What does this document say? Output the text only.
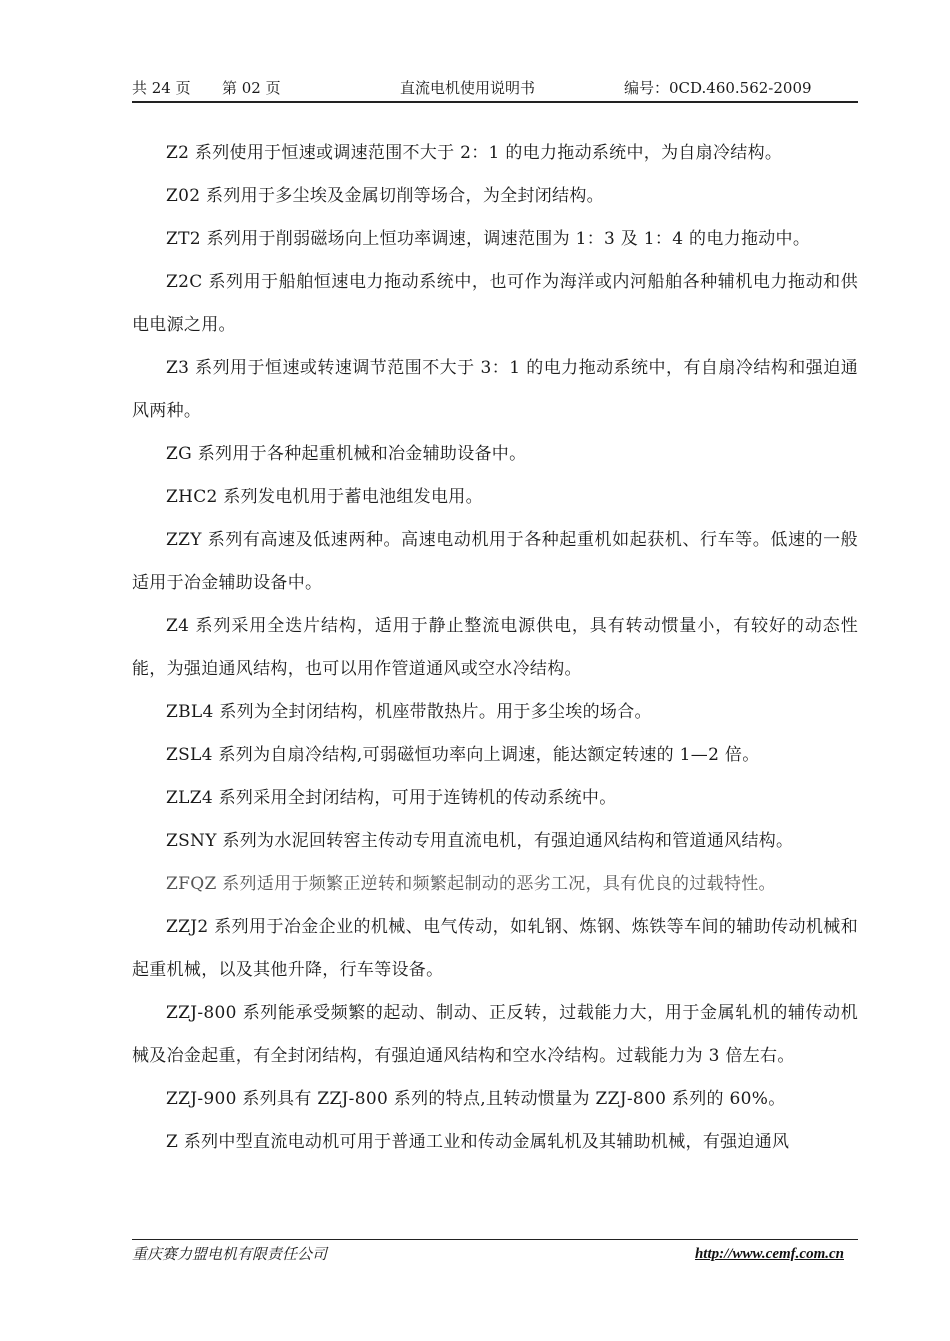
共 24 页 第 02 页	直流电机使用说明书	编号：0CD.460.562-2009

Z2 系列使用于恒速或调速范围不大于 2：1 的电力拖动系统中，为自扇冷结构。

Z02 系列用于多尘埃及金属切削等场合，为全封闭结构。

ZT2 系列用于削弱磁场向上恒功率调速，调速范围为 1：3 及 1：4 的电力拖动中。

Z2C 系列用于船舶恒速电力拖动系统中，也可作为海洋或内河船舶各种辅机电力拖动和供电电源之用。

Z3 系列用于恒速或转速调节范围不大于 3：1 的电力拖动系统中，有自扇冷结构和强迫通风两种。

ZG 系列用于各种起重机械和冶金辅助设备中。

ZHC2 系列发电机用于蓄电池组发电用。

ZZY 系列有高速及低速两种。高速电动机用于各种起重机如起获机、行车等。低速的一般适用于冶金辅助设备中。

Z4 系列采用全迭片结构，适用于静止整流电源供电，具有转动惯量小，有较好的动态性能，为强迫通风结构，也可以用作管道通风或空水冷结构。

ZBL4 系列为全封闭结构，机座带散热片。用于多尘埃的场合。

ZSL4 系列为自扇冷结构,可弱磁恒功率向上调速，能达额定转速的 1—2 倍。

ZLZ4 系列采用全封闭结构，可用于连铸机的传动系统中。

ZSNY 系列为水泥回转窖主传动专用直流电机，有强迫通风结构和管道通风结构。

ZFQZ 系列适用于频繁正逆转和频繁起制动的恶劣工况，具有优良的过载特性。

ZZJ2 系列用于冶金企业的机械、电气传动，如轧钢、炼钢、炼铁等车间的辅助传动机械和起重机械，以及其他升降，行车等设备。

ZZJ-800 系列能承受频繁的起动、制动、正反转，过载能力大，用于金属轧机的辅传动机械及冶金起重，有全封闭结构，有强迫通风结构和空水冷结构。过载能力为 3 倍左右。

ZZJ-900 系列具有 ZZJ-800 系列的特点,且转动惯量为 ZZJ-800 系列的 60%。

Z 系列中型直流电动机可用于普通工业和传动金属轧机及其辅助机械，有强迫通风

重庆赛力盟电机有限责任公司	http://www.cemf.com.cn
